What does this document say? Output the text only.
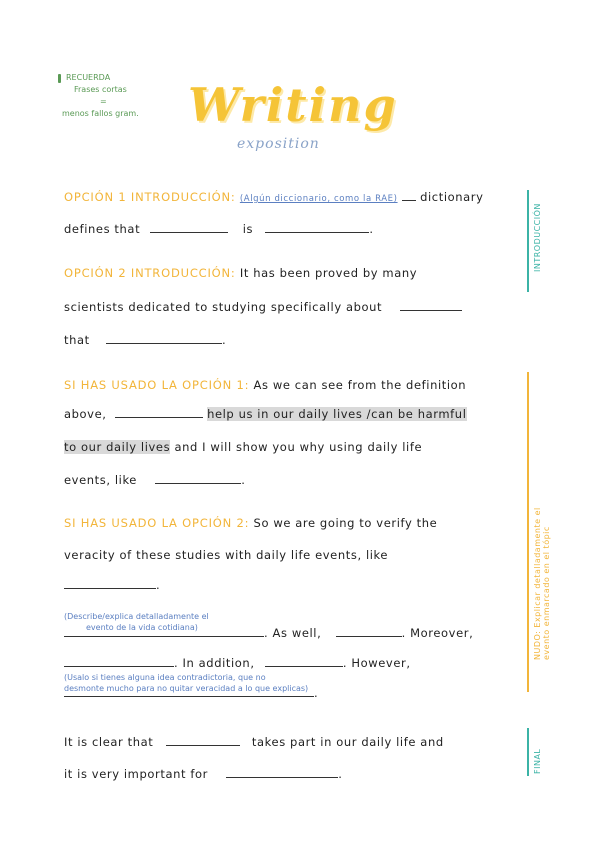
RECUERDA
Frases cortas
=
menos fallos gram. Writing
exposition
OPCIÓN 1 INTRODUCCIÓN: (Algún diccionario, como la RAE) dictionary
defines that	is	.
OPCIÓN 2 INTRODUCCIÓN: It has been proved by many
scientists dedicated to studying specifically about
that	.
SI HAS USADO LA OPCIÓN 1: As we can see from the definition
above,	help us in our daily lives /can be harmful
to our daily lives and I will show you why using daily life
events, like	.
SI HAS USADO LA OPCIÓN 2: So we are going to verify the
veracity of these studies with daily life events, like
.
(Describe/explica detalladamente el
evento de la vida cotidiana)	. As well,	. Moreover,
. In addition,	. However,
(Usalo si tienes alguna idea contradictoria, que no
desmonte mucho para no quitar veracidad a lo que explicas) .
It is clear that	takes part in our daily life and
it is very important for	.
INTRODUCCIÓN
NUDO: Explicar detalladamente el evento enmarcado en el tópic
FINAL
